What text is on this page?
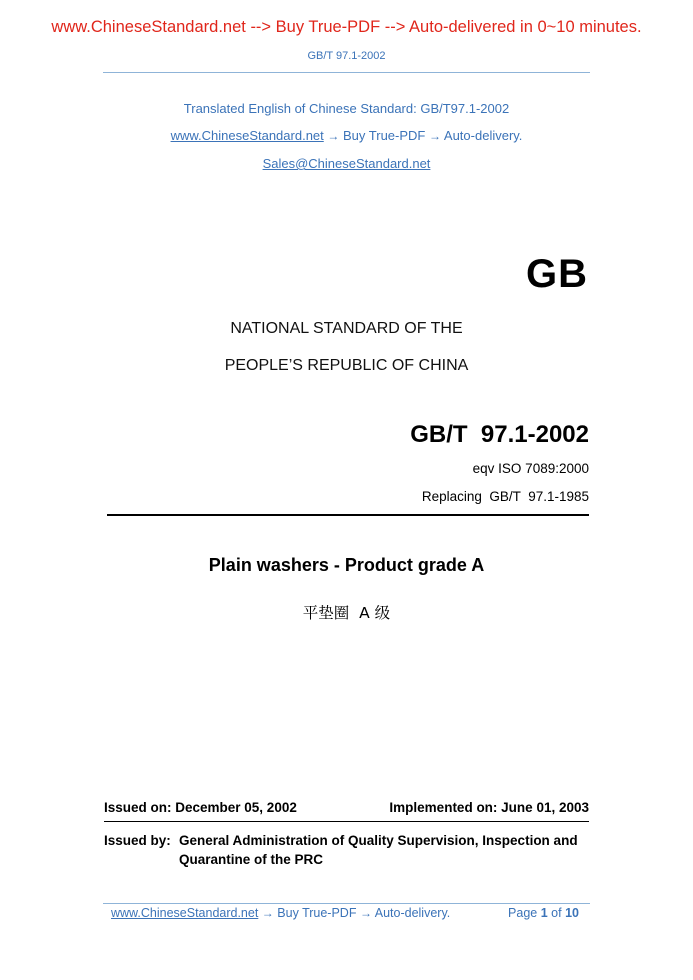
www.ChineseStandard.net --> Buy True-PDF --> Auto-delivered in 0~10 minutes.
GB/T 97.1-2002
Translated English of Chinese Standard: GB/T97.1-2002
www.ChineseStandard.net → Buy True-PDF → Auto-delivery.
Sales@ChineseStandard.net
GB
NATIONAL STANDARD OF THE
PEOPLE’S REPUBLIC OF CHINA
GB/T  97.1-2002
eqv ISO 7089:2000
Replacing  GB/T  97.1-1985
Plain washers - Product grade A
平垫圈  A 级
Issued on: December 05, 2002	Implemented on: June 01, 2003
Issued by: General Administration of Quality Supervision, Inspection and
Quarantine of the PRC
www.ChineseStandard.net → Buy True-PDF → Auto-delivery.	Page 1 of 10
